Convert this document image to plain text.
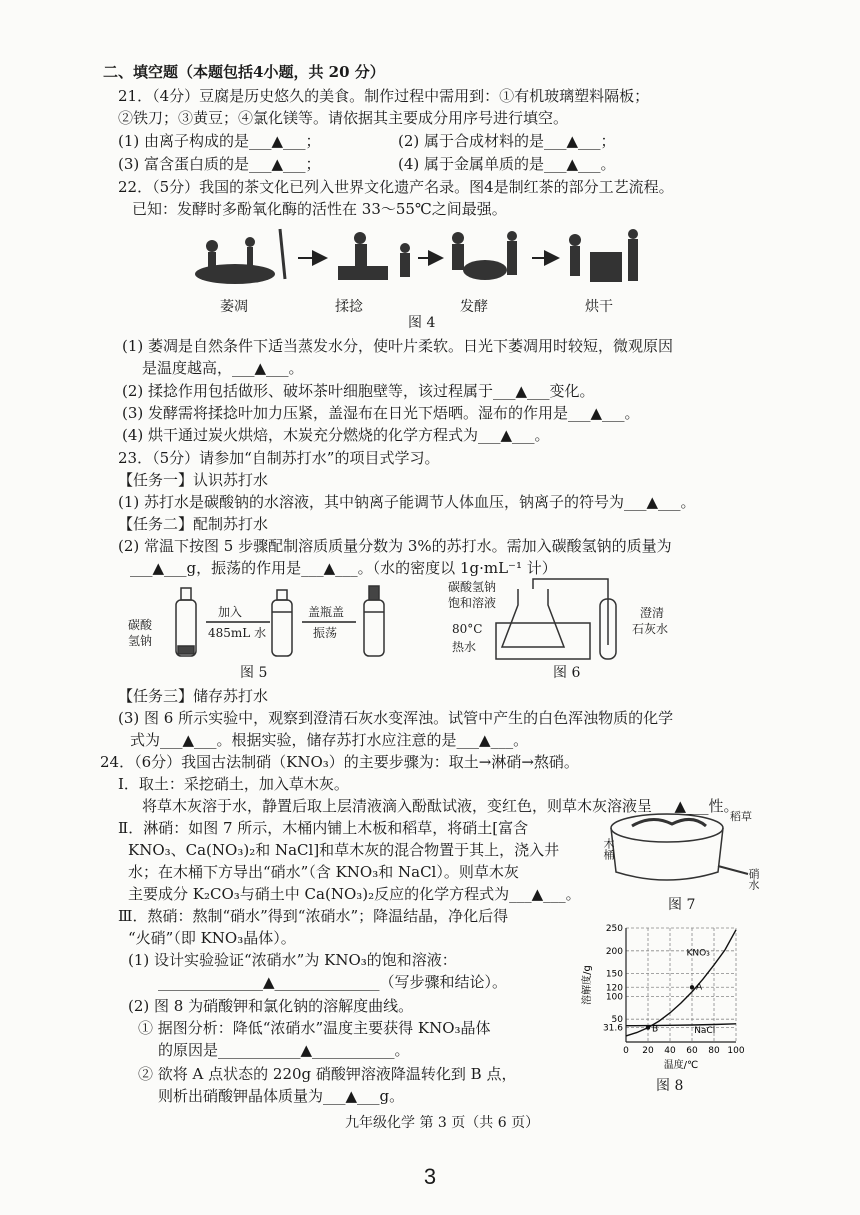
二、填空题（本题包括4小题，共 20 分）
21．（4分）豆腐是历史悠久的美食。制作过程中需用到：①有机玻璃塑料隔板；
②铁刀；③黄豆；④氯化镁等。请依据其主要成分用序号进行填空。
(1) 由离子构成的是___▲___；	(2) 属于合成材料的是___▲___；
(3) 富含蛋白质的是___▲___；	(4) 属于金属单质的是___▲___。
22．（5分）我国的茶文化已列入世界文化遗产名录。图4是制红茶的部分工艺流程。
已知：发酵时多酚氧化酶的活性在 33～55℃之间最强。
萎凋	揉捻	发酵	烘干
图 4
(1) 萎凋是自然条件下适当蒸发水分，使叶片柔软。日光下萎凋用时较短，微观原因
是温度越高，___▲___。
(2) 揉捻作用包括做形、破坏茶叶细胞壁等，该过程属于___▲___变化。
(3) 发酵需将揉捻叶加力压紧，盖湿布在日光下焐晒。湿布的作用是___▲___。
(4) 烘干通过炭火烘焙，木炭充分燃烧的化学方程式为___▲___。
23．（5分）请参加“自制苏打水”的项目式学习。
【任务一】认识苏打水
(1) 苏打水是碳酸钠的水溶液，其中钠离子能调节人体血压，钠离子的符号为___▲___。
【任务二】配制苏打水
(2) 常温下按图 5 步骤配制溶质质量分数为 3%的苏打水。需加入碳酸氢钠的质量为
___▲___g，振荡的作用是___▲___。（水的密度以 1g·mL⁻¹ 计）
碳酸
氢钠
加入
485mL 水
盖瓶盖
振荡
图 5
碳酸氢钠
饱和溶液
80°C
热水
澄清
石灰水
图 6
【任务三】储存苏打水
(3) 图 6 所示实验中，观察到澄清石灰水变浑浊。试管中产生的白色浑浊物质的化学
式为___▲___。根据实验，储存苏打水应注意的是___▲___。
24．（6分）我国古法制硝（KNO₃）的主要步骤为：取土→淋硝→熬硝。
Ⅰ．取土：采挖硝土，加入草木灰。
将草木灰溶于水，静置后取上层清液滴入酚酞试液，变红色，则草木灰溶液呈___▲___性。
Ⅱ．淋硝：如图 7 所示，木桶内铺上木板和稻草，将硝土[富含
KNO₃、Ca(NO₃)₂和 NaCl]和草木灰的混合物置于其上，浇入井
水；在木桶下方导出“硝水”（含 KNO₃和 NaCl）。则草木灰
主要成分 K₂CO₃与硝土中 Ca(NO₃)₂反应的化学方程式为___▲___。
Ⅲ．熬硝：熬制“硝水”得到“浓硝水”；降温结晶，净化后得
“火硝”（即 KNO₃晶体）。
(1) 设计实验验证“浓硝水”为 KNO₃的饱和溶液：
______________▲______________（写步骤和结论）。
(2) 图 8 为硝酸钾和氯化钠的溶解度曲线。
① 据图分析：降低“浓硝水”温度主要获得 KNO₃晶体
的原因是___________▲___________。
② 欲将 A 点状态的 220g 硝酸钾溶液降温转化到 B 点，
则析出硝酸钾晶体质量为___▲___g。
稻草
木桶
硝水
图 7
31.6
50
100
120
150
200
250
0 20 40 60 80 100
A
B
KNO₃
NaCl
溶解度/g
温度/℃
图 8
九年级化学 第 3 页（共 6 页）
3
